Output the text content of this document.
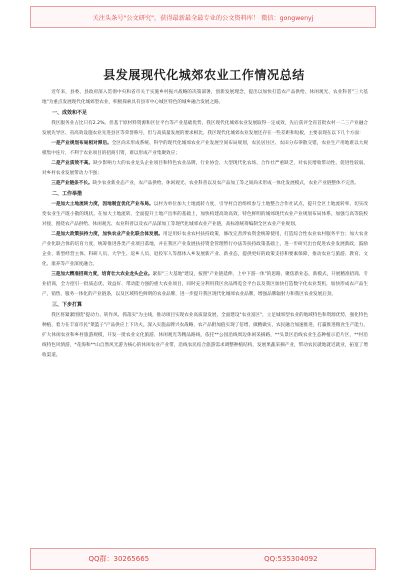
关注头条号"公文研究"，获得最新最全最专业的公文资料库！ 微信：gongwenyj
县发展现代化城郊农业工作情况总结

近年来，县委、县政府深入贯彻中央和省市关于实施乡村振兴战略的决策部署，创新发展理念，提出以加快打造农产品供给、休闲观光、农业科普"三大基地"为重点发展现代化城郊型农业，积极探索具有县市中心城区特色的城乡融合发展之路。

一、成效和不足

我区服务业占比只有2.2%。但基于原材料资源和区位平台等产业基础优势，我区现代化城郊农业发展取得一定成效，先后获评全省首批农村一二三产业融合发展先导区、省高效设施农业先进县区等荣誉称号，但与高质量发展的要求相比，我区现代化城郊农业发展还存在一些差距和短板，主要表现在以下几个方面：

一是产业规划布局相对滞后。全区尚未形成系统、科学的现代化城郊农业产业发展空间布局规划，农民居住区、农田分布零散交错，农业生产用地难以大规模集中连片，不利于农业项目的招商引资，难以形成产业集聚效应；

二是产业质效不高。缺少影响力大的农业龙头企业项目和特色农业品牌，行业协会、大型现代化农场、合作社严重缺乏，对农民增收带动性、促进性较弱，对乡村农业发展带动力不强；

三是产业链条不长。缺少农业新业态产业，农产品供给、休闲观光、农业科普以及农产品加工等之间尚未形成一体化发展模式，农业产业链整体不完善。

二、工作举措

一是加大土地流转力度，因地制宜优化产业布局。以村为单位加大土地流转力度，引导村自治组织参与土地整合合作社试点，提升全区土地流转率，切实改变农业生产既小散的现状。在加大土地流转、全面提升土地产出率的基础上，加快构建高效高效、特色鲜明的城郊现代农业产业规划布局体系。加强与高等院校对接，围绕农产品供给、休闲观光、农业科普以及农产品深加工等现代化城郊农业产业链，高标准统筹编制全区农业产业规划。

二是加大政策扶持力度，加快农业产业化联合体发展。用足用好农业农村扶持政策，修改完善涉农资金统筹使用，打造综合性农业农村服务平台；加大农业产业化联合体的培育力度，统筹推进各类产业项目落地，并在我区产业发展扶持资金管理暂行办法等扶持政策基础上，进一步研究出台促进农业发展新政，鼓励企业、新型经营主体、科研人员、大学生、返乡人员、退役军人等群体入乡发展新产业、新业态，提供更好的政策支持和要素保障，推动农业与旅游、教育、文化、康养等产业深度融合。

三是加大精准招商力度，培育壮大农业龙头企业。紧扣"三大基地"建设，按照"产业链延伸、上中下游一体"的思路，聚焦新业态、新模式，开展精准招商、专业招商，全力招引一批质态优、效益好、带动能力强的重大农业项目，同时充分利用我区食品博览会平台以及我区加快打造数字化农业契机，加快形成农产品生产、销售、服务一体化的产业链条，以及区域特色鲜明的农业品牌，进一步提升我区现代化城郊农业品牌，增强品牌辐射力和我区农业发展后劲。

三、下步打算

我区将紧紧围绕"提动力、转作风、抓落实"为主线，推动项目实现农业高质量发展，全面建设"农业富区"，立足城郊型农业的地域特色和资源优势，强化特色种植、着力在丰富市民"菜篮子"产品供应上下功夫。深入实施品牌兴农战略，农产品附加值实现了倍增，做精做实，农民融合加速推进，打赢推进粮食生产能力，扩大休闲农业和乡村旅游规模，开发一批农业文化旅游、休闲观光等精品路线，依托**公园沿线周边休闲采摘路，**头景区沿线农业生态种植示范片区，**村沿线特色风情游，*花海和**山自然风光游为核心的休闲农业产业带，沿线农民结合旅游需求调整种植结构，发展果蔬采摘产业，带动农民就地就近就业，拓宽了增收渠道。

QQ群：30265665	QQ:535304092
